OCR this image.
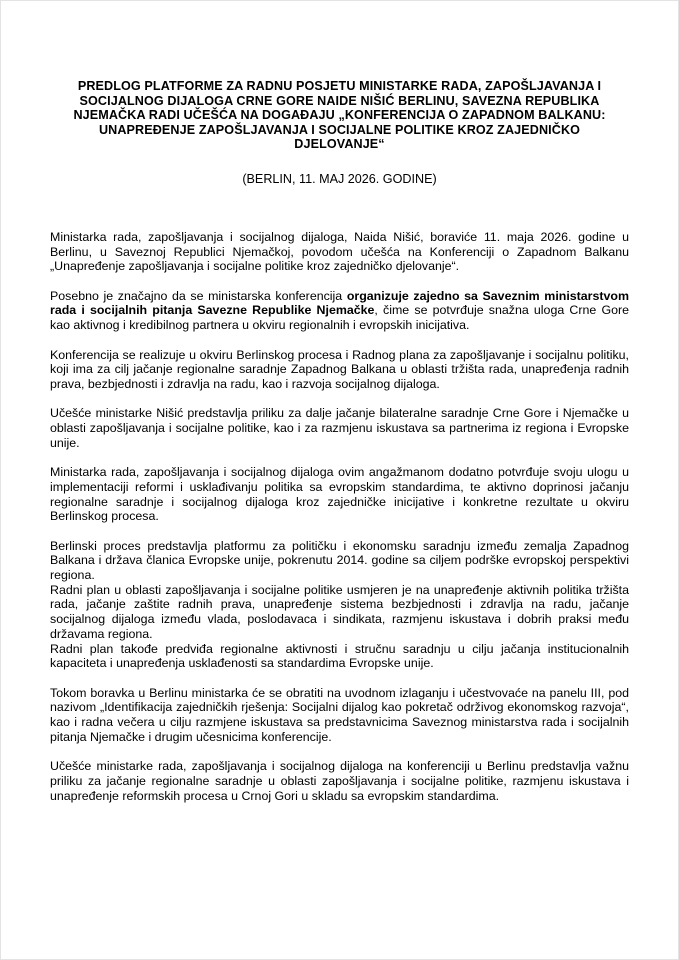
PREDLOG PLATFORME ZA RADNU POSJETU MINISTARKE RADA, ZAPOŠLJAVANJA I SOCIJALNOG DIJALOGA CRNE GORE NAIDE NIŠIĆ BERLINU, SAVEZNA REPUBLIKA NJEMAČKA RADI UČEŠĆA NA DOGAĐAJU „KONFERENCIJA O ZAPADNOM BALKANU: UNAPREĐENJE ZAPOŠLJAVANJA I SOCIJALNE POLITIKE KROZ ZAJEDNIČKO DJELOVANJE“

(BERLIN, 11. MAJ 2026. GODINE)

Ministarka rada, zapošljavanja i socijalnog dijaloga, Naida Nišić, boraviće 11. maja 2026. godine u Berlinu, u Saveznoj Republici Njemačkoj, povodom učešća na Konferenciji o Zapadnom Balkanu „Unapređenje zapošljavanja i socijalne politike kroz zajedničko djelovanje“.

Posebno je značajno da se ministarska konferencija organizuje zajedno sa Saveznim ministarstvom rada i socijalnih pitanja Savezne Republike Njemačke, čime se potvrđuje snažna uloga Crne Gore kao aktivnog i kredibilnog partnera u okviru regionalnih i evropskih inicijativa.

Konferencija se realizuje u okviru Berlinskog procesa i Radnog plana za zapošljavanje i socijalnu politiku, koji ima za cilj jačanje regionalne saradnje Zapadnog Balkana u oblasti tržišta rada, unapređenja radnih prava, bezbjednosti i zdravlja na radu, kao i razvoja socijalnog dijaloga.

Učešće ministarke Nišić predstavlja priliku za dalje jačanje bilateralne saradnje Crne Gore i Njemačke u oblasti zapošljavanja i socijalne politike, kao i za razmjenu iskustava sa partnerima iz regiona i Evropske unije.

Ministarka rada, zapošljavanja i socijalnog dijaloga ovim angažmanom dodatno potvrđuje svoju ulogu u implementaciji reformi i usklađivanju politika sa evropskim standardima, te aktivno doprinosi jačanju regionalne saradnje i socijalnog dijaloga kroz zajedničke inicijative i konkretne rezultate u okviru Berlinskog procesa.

Berlinski proces predstavlja platformu za političku i ekonomsku saradnju između zemalja Zapadnog Balkana i država članica Evropske unije, pokrenutu 2014. godine sa ciljem podrške evropskoj perspektivi regiona.

Radni plan u oblasti zapošljavanja i socijalne politike usmjeren je na unapređenje aktivnih politika tržišta rada, jačanje zaštite radnih prava, unapređenje sistema bezbjednosti i zdravlja na radu, jačanje socijalnog dijaloga između vlada, poslodavaca i sindikata, razmjenu iskustava i dobrih praksi među državama regiona.

Radni plan takođe predviđa regionalne aktivnosti i stručnu saradnju u cilju jačanja institucionalnih kapaciteta i unapređenja usklađenosti sa standardima Evropske unije.

Tokom boravka u Berlinu ministarka će se obratiti na uvodnom izlaganju i učestvovaće na panelu III, pod nazivom „Identifikacija zajedničkih rješenja: Socijalni dijalog kao pokretač održivog ekonomskog razvoja“, kao i radna večera u cilju razmjene iskustava sa predstavnicima Saveznog ministarstva rada i socijalnih pitanja Njemačke i drugim učesnicima konferencije.

Učešće ministarke rada, zapošljavanja i socijalnog dijaloga na konferenciji u Berlinu predstavlja važnu priliku za jačanje regionalne saradnje u oblasti zapošljavanja i socijalne politike, razmjenu iskustava i unapređenje reformskih procesa u Crnoj Gori u skladu sa evropskim standardima.
